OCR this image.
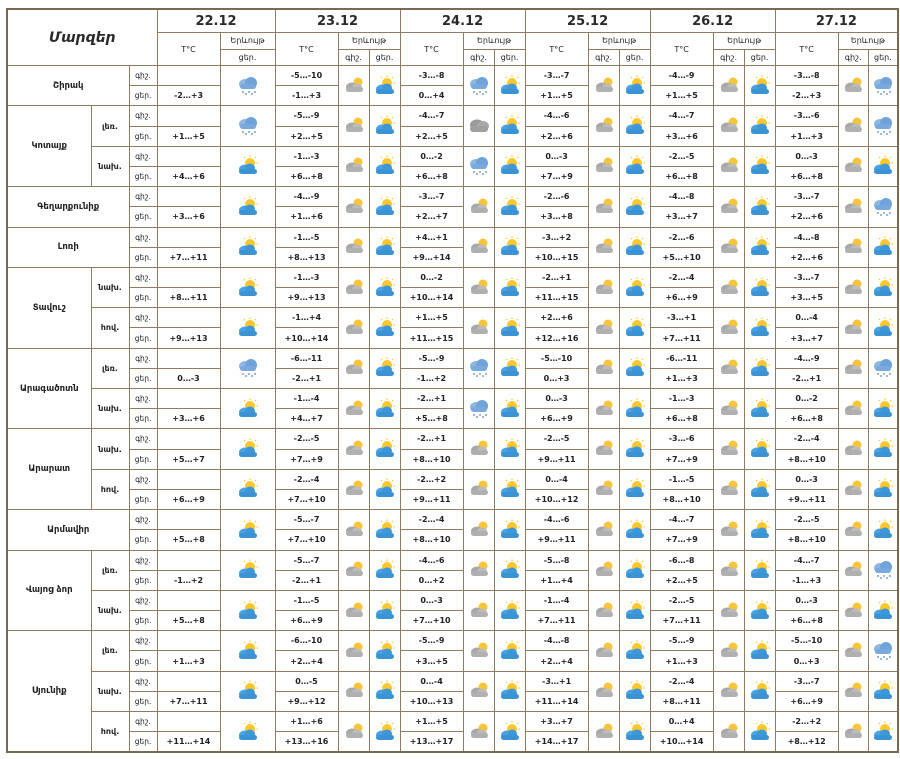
Մարզեր			22.12		23.12			24.12			25.12			26.12			27.12		
			T°C	Երևույթ	T°C	Երևույթ		T°C	Երևույթ		T°C	Երևույթ		T°C	Երևույթ		T°C	Երևույթ	
				ցեր.		գիշ.	ցեր.		գիշ.	ցեր.		գիշ.	ցեր.		գիշ.	ցեր.		գիշ.	ցեր.
Շիրակ		գիշ.			-5…-10			-3…-8			-3…-7			-4…-9			-3…-8		
		ցեր.	-2…+3		-1…+3			0…+4			+1…+5			+1…+5			-2…+3		
Կոտայք	լեռ.	գիշ.			-5…-9			-4…-7			-4…-6			-4…-7			-3…-6		
		ցեր.	+1…+5		+2…+5			+2…+5			+2…+6			+3…+6			+1…+3		
	նախ.	գիշ.			-1…-3			0…-2			0…-3			-2…-5			0…-3		
		ցեր.	+4…+6		+6…+8			+6…+8			+7…+9			+6…+8			+6…+8		
Գեղարքունիք		գիշ.			-4…-9			-3…-7			-2…-6			-4…-8			-3…-7		
		ցեր.	+3…+6		+1…+6			+2…+7			+3…+8			+3…+7			+2…+6		
Լոռի		գիշ.			-1…-5			+4…+1			-3…+2			-2…-6			-4…-8		
		ցեր.	+7…+11		+8…+13			+9…+14			+10…+15			+5…+10			+2…+6		
Տավուշ	նախ.	գիշ.			-1…-3			0…-2			-2…+1			-2…-4			-3…-7		
		ցեր.	+8…+11		+9…+13			+10…+14			+11…+15			+6…+9			+3…+5		
	հով.	գիշ.			-1…+4			+1…+5			+2…+6			-3…+1			0…-4		
		ցեր.	+9…+13		+10…+14			+11…+15			+12…+16			+7…+11			+3…+7		
Արագածոտն	լեռ.	գիշ.			-6…-11			-5…-9			-5…-10			-6…-11			-4…-9		
		ցեր.	0…-3		-2…+1			-1…+2			0…+3			+1…+3			-2…+1		
	նախ.	գիշ.			-1…-4			-2…+1			0…-3			-1…-3			0…-2		
		ցեր.	+3…+6		+4…+7			+5…+8			+6…+9			+6…+8			+6…+8		
Արարատ	նախ.	գիշ.			-2…-5			-2…+1			-2…-5			-3…-6			-2…-4		
		ցեր.	+5…+7		+7…+9			+8…+10			+9…+11			+7…+9			+8…+10		
	հով.	գիշ.			-2…-4			-2…+2			0…-4			-1…-5			0…-3		
		ցեր.	+6…+9		+7…+10			+9…+11			+10…+12			+8…+10			+9…+11		
Արմավիր		գիշ.			-5…-7			-2…-4			-4…-6			-4…-7			-2…-5		
		ցեր.	+5…+8		+7…+10			+8…+10			+9…+11			+7…+9			+8…+10		
Վայոց ձոր	լեռ.	գիշ.			-5…-7			-4…-6			-5…-8			-6…-8			-4…-7		
		ցեր.	-1…+2		-2…+1			0…+2			+1…+4			+2…+5			-1…+3		
	նախ.	գիշ.			-1…-5			0…-3			-1…-4			-2…-5			0…-3		
		ցեր.	+5…+8		+6…+9			+7…+10			+7…+11			+7…+11			+6…+8		
Սյունիք	լեռ.	գիշ.			-6…-10			-5…-9			-4…-8			-5…-9			-5…-10		
		ցեր.	+1…+3		+2…+4			+3…+5			+2…+4			+1…+3			0…+3		
	նախ.	գիշ.			0…-5			0…-4			-3…+1			-2…-4			-3…-7		
		ցեր.	+7…+11		+9…+12			+10…+13			+11…+14			+8…+11			+6…+9		
	հով.	գիշ.			+1…+6			+1…+5			+3…+7			0…+4			-2…+2		
		ցեր.	+11…+14		+13…+16			+13…+17			+14…+17			+10…+14			+8…+12		
